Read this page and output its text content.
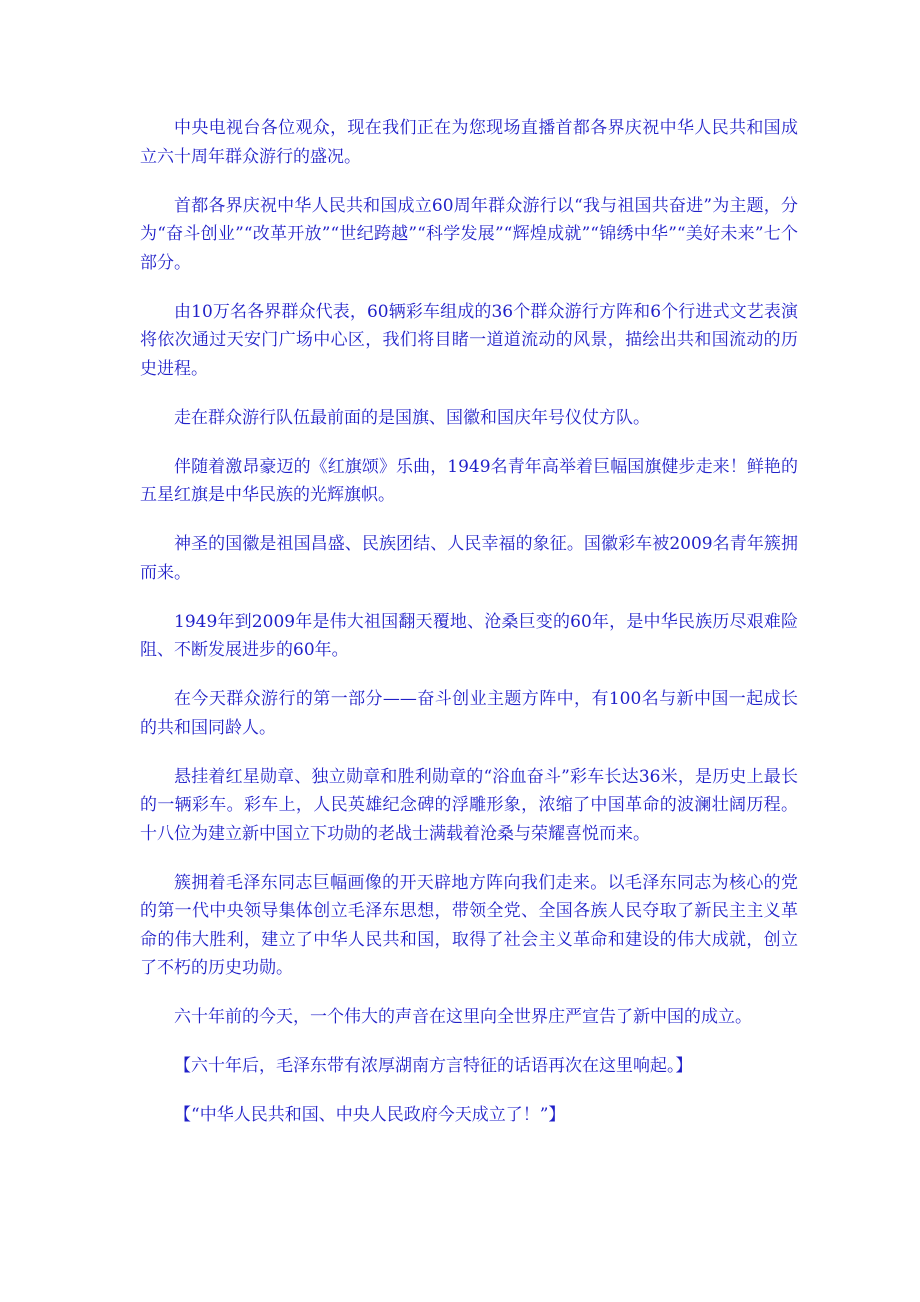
中央电视台各位观众，现在我们正在为您现场直播首都各界庆祝中华人民共和国成立六十周年群众游行的盛况。

首都各界庆祝中华人民共和国成立60周年群众游行以“我与祖国共奋进”为主题，分为“奋斗创业”“改革开放”“世纪跨越”“科学发展”“辉煌成就”“锦绣中华”“美好未来”七个部分。

由10万名各界群众代表，60辆彩车组成的36个群众游行方阵和6个行进式文艺表演将依次通过天安门广场中心区，我们将目睹一道道流动的风景，描绘出共和国流动的历史进程。

走在群众游行队伍最前面的是国旗、国徽和国庆年号仪仗方队。

伴随着激昂豪迈的《红旗颂》乐曲，1949名青年高举着巨幅国旗健步走来！鲜艳的五星红旗是中华民族的光辉旗帜。

神圣的国徽是祖国昌盛、民族团结、人民幸福的象征。国徽彩车被2009名青年簇拥而来。

1949年到2009年是伟大祖国翻天覆地、沧桑巨变的60年，是中华民族历尽艰难险阻、不断发展进步的60年。

在今天群众游行的第一部分——奋斗创业主题方阵中，有100名与新中国一起成长的共和国同龄人。

悬挂着红星勋章、独立勋章和胜利勋章的“浴血奋斗”彩车长达36米，是历史上最长的一辆彩车。彩车上，人民英雄纪念碑的浮雕形象，浓缩了中国革命的波澜壮阔历程。十八位为建立新中国立下功勋的老战士满载着沧桑与荣耀喜悦而来。

簇拥着毛泽东同志巨幅画像的开天辟地方阵向我们走来。以毛泽东同志为核心的党的第一代中央领导集体创立毛泽东思想，带领全党、全国各族人民夺取了新民主主义革命的伟大胜利，建立了中华人民共和国，取得了社会主义革命和建设的伟大成就，创立了不朽的历史功勋。

六十年前的今天，一个伟大的声音在这里向全世界庄严宣告了新中国的成立。

【六十年后，毛泽东带有浓厚湖南方言特征的话语再次在这里响起。】

【“中华人民共和国、中央人民政府今天成立了！”】
